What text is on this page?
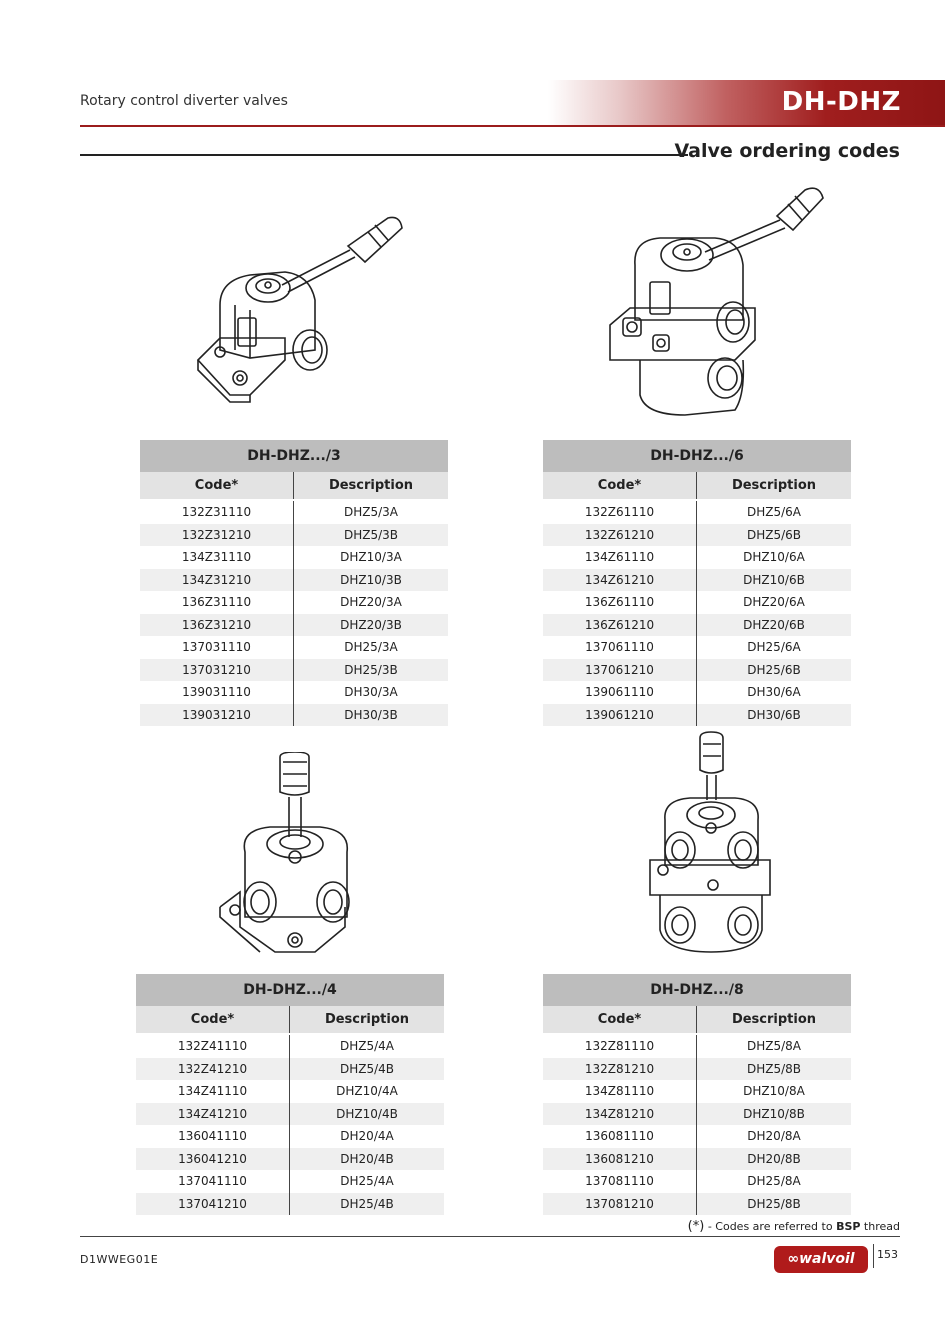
Rotary control diverter valves	DH-DHZ
Valve ordering codes
DH-DHZ.../3	
Code*	Description

132Z31110	DHZ5/3A
132Z31210	DHZ5/3B
134Z31110	DHZ10/3A
134Z31210	DHZ10/3B
136Z31110	DHZ20/3A
136Z31210	DHZ20/3B
137031110	DH25/3A
137031210	DH25/3B
139031110	DH30/3A
139031210	DH30/3B
DH-DHZ.../6	
Code*	Description

132Z61110	DHZ5/6A
132Z61210	DHZ5/6B
134Z61110	DHZ10/6A
134Z61210	DHZ10/6B
136Z61110	DHZ20/6A
136Z61210	DHZ20/6B
137061110	DH25/6A
137061210	DH25/6B
139061110	DH30/6A
139061210	DH30/6B
DH-DHZ.../4	
Code*	Description

132Z41110	DHZ5/4A
132Z41210	DHZ5/4B
134Z41110	DHZ10/4A
134Z41210	DHZ10/4B
136041110	DH20/4A
136041210	DH20/4B
137041110	DH25/4A
137041210	DH25/4B
DH-DHZ.../8	
Code*	Description

132Z81110	DHZ5/8A
132Z81210	DHZ5/8B
134Z81110	DHZ10/8A
134Z81210	DHZ10/8B
136081110	DH20/8A
136081210	DH20/8B
137081110	DH25/8A
137081210	DH25/8B
(*) - Codes are referred to BSP thread
D1WWEG01E	∞walvoil	153
